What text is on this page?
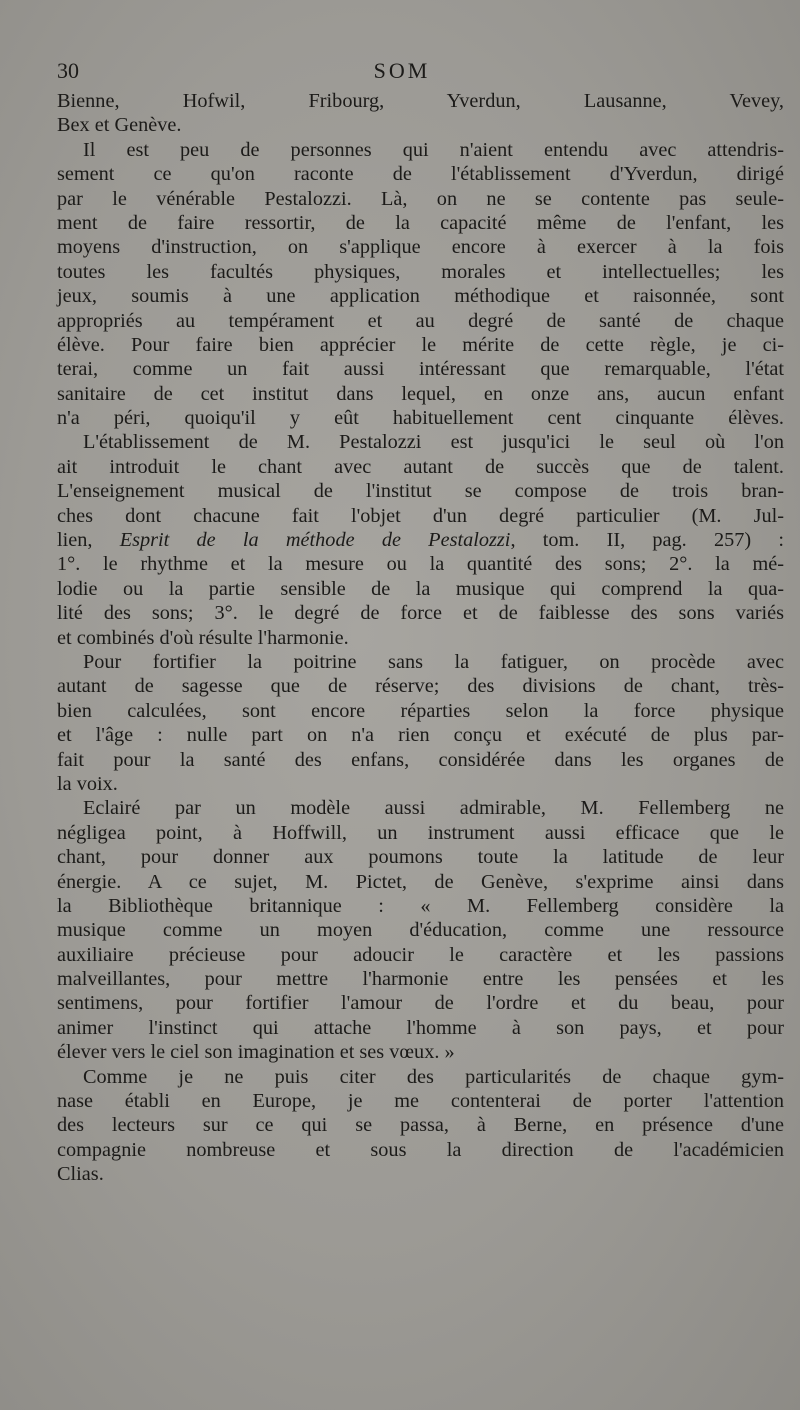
30	SOM
Bienne, Hofwil, Fribourg, Yverdun, Lausanne, Vevey,
Bex et Genève.
Il est peu de personnes qui n'aient entendu avec attendris-
sement ce qu'on raconte de l'établissement d'Yverdun, dirigé
par le vénérable Pestalozzi. Là, on ne se contente pas seule-
ment de faire ressortir, de la capacité même de l'enfant, les
moyens d'instruction, on s'applique encore à exercer à la fois
toutes les facultés physiques, morales et intellectuelles; les
jeux, soumis à une application méthodique et raisonnée, sont
appropriés au tempérament et au degré de santé de chaque
élève. Pour faire bien apprécier le mérite de cette règle, je ci-
terai, comme un fait aussi intéressant que remarquable, l'état
sanitaire de cet institut dans lequel, en onze ans, aucun enfant
n'a péri, quoiqu'il y eût habituellement cent cinquante élèves.
L'établissement de M. Pestalozzi est jusqu'ici le seul où l'on
ait introduit le chant avec autant de succès que de talent.
L'enseignement musical de l'institut se compose de trois bran-
ches dont chacune fait l'objet d'un degré particulier (M. Jul-
lien, Esprit de la méthode de Pestalozzi, tom. II, pag. 257) :
1°. le rhythme et la mesure ou la quantité des sons; 2°. la mé-
lodie ou la partie sensible de la musique qui comprend la qua-
lité des sons; 3°. le degré de force et de faiblesse des sons variés
et combinés d'où résulte l'harmonie.
Pour fortifier la poitrine sans la fatiguer, on procède avec
autant de sagesse que de réserve; des divisions de chant, très-
bien calculées, sont encore réparties selon la force physique
et l'âge : nulle part on n'a rien conçu et exécuté de plus par-
fait pour la santé des enfans, considérée dans les organes de
la voix.
Eclairé par un modèle aussi admirable, M. Fellemberg ne
négligea point, à Hoffwill, un instrument aussi efficace que le
chant, pour donner aux poumons toute la latitude de leur
énergie. A ce sujet, M. Pictet, de Genève, s'exprime ainsi dans
la Bibliothèque britannique : « M. Fellemberg considère la
musique comme un moyen d'éducation, comme une ressource
auxiliaire précieuse pour adoucir le caractère et les passions
malveillantes, pour mettre l'harmonie entre les pensées et les
sentimens, pour fortifier l'amour de l'ordre et du beau, pour
animer l'instinct qui attache l'homme à son pays, et pour
élever vers le ciel son imagination et ses vœux. »
Comme je ne puis citer des particularités de chaque gym-
nase établi en Europe, je me contenterai de porter l'attention
des lecteurs sur ce qui se passa, à Berne, en présence d'une
compagnie nombreuse et sous la direction de l'académicien
Clias.
